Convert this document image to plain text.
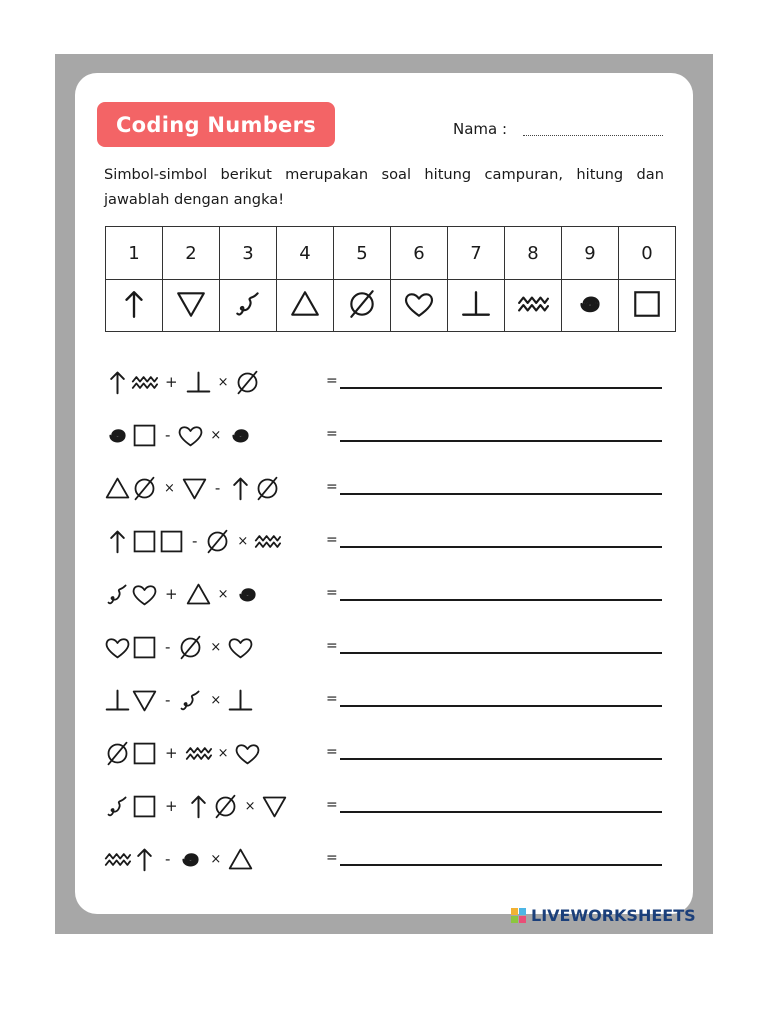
Coding Numbers	Nama :
Simbol-simbol berikut merupakan soal hitung campuran, hitung dan jawablah dengan angka!
1	2	3	4	5	6	7	8	9	0

+	×	=
-	×	=
×	-	=
-	×	=
+	×	=
-	×	=
-	×	=
+	×	=
+	×	=
-	×	=
LIVEWORKSHEETS
